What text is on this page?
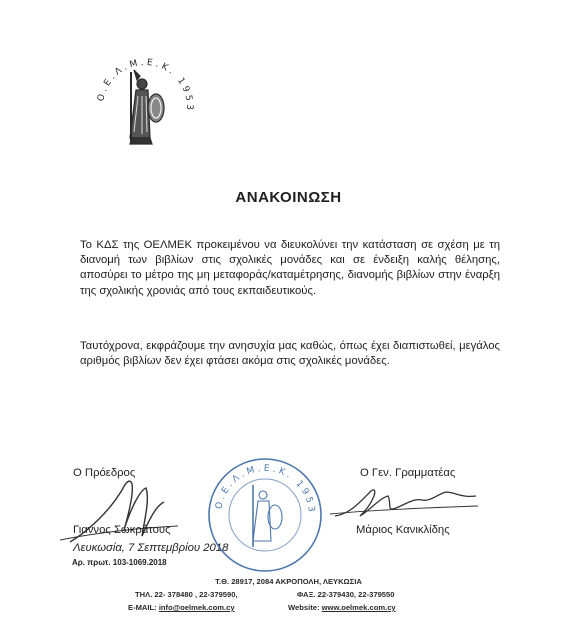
Ο.Ε.Λ.Μ.Ε.Κ. 1953
ΑΝΑΚΟΙΝΩΣΗ
Το ΚΔΣ της ΟΕΛΜΕΚ προκειμένου να διευκολύνει την κατάσταση σε σχέση με τη διανομή των βιβλίων στις σχολικές μονάδες και σε ένδειξη καλής θέλησης, αποσύρει το μέτρο της μη μεταφοράς/καταμέτρησης, διανομής βιβλίων στην έναρξη της σχολικής χρονιάς από τους εκπαιδευτικούς.
Ταυτόχρονα, εκφράζουμε την ανησυχία μας καθώς, όπως έχει διαπιστωθεί, μεγάλος αριθμός βιβλίων δεν έχει φτάσει ακόμα στις σχολικές μονάδες.
Ο Πρόεδρος	Ο Γεν. Γραμματέας
Γιαννος Σωκράτους	Μάριος Κανικλίδης
Λευκωσία, 7 Σεπτεμβρίου 2018
Αρ. πρωτ. 103-1069.2018
Ο.Ε.Λ.Μ.Ε.Κ. 1953
Τ.Θ. 28917, 2084 ΑΚΡΟΠΟΛΗ, ΛΕΥΚΩΣΙΑ
ΤΗΛ. 22- 378480 , 22-379590,	ΦΑΞ. 22-379430, 22-379550
E-MAIL: info@oelmek.com.cy	Website: www.oelmek.com.cy
